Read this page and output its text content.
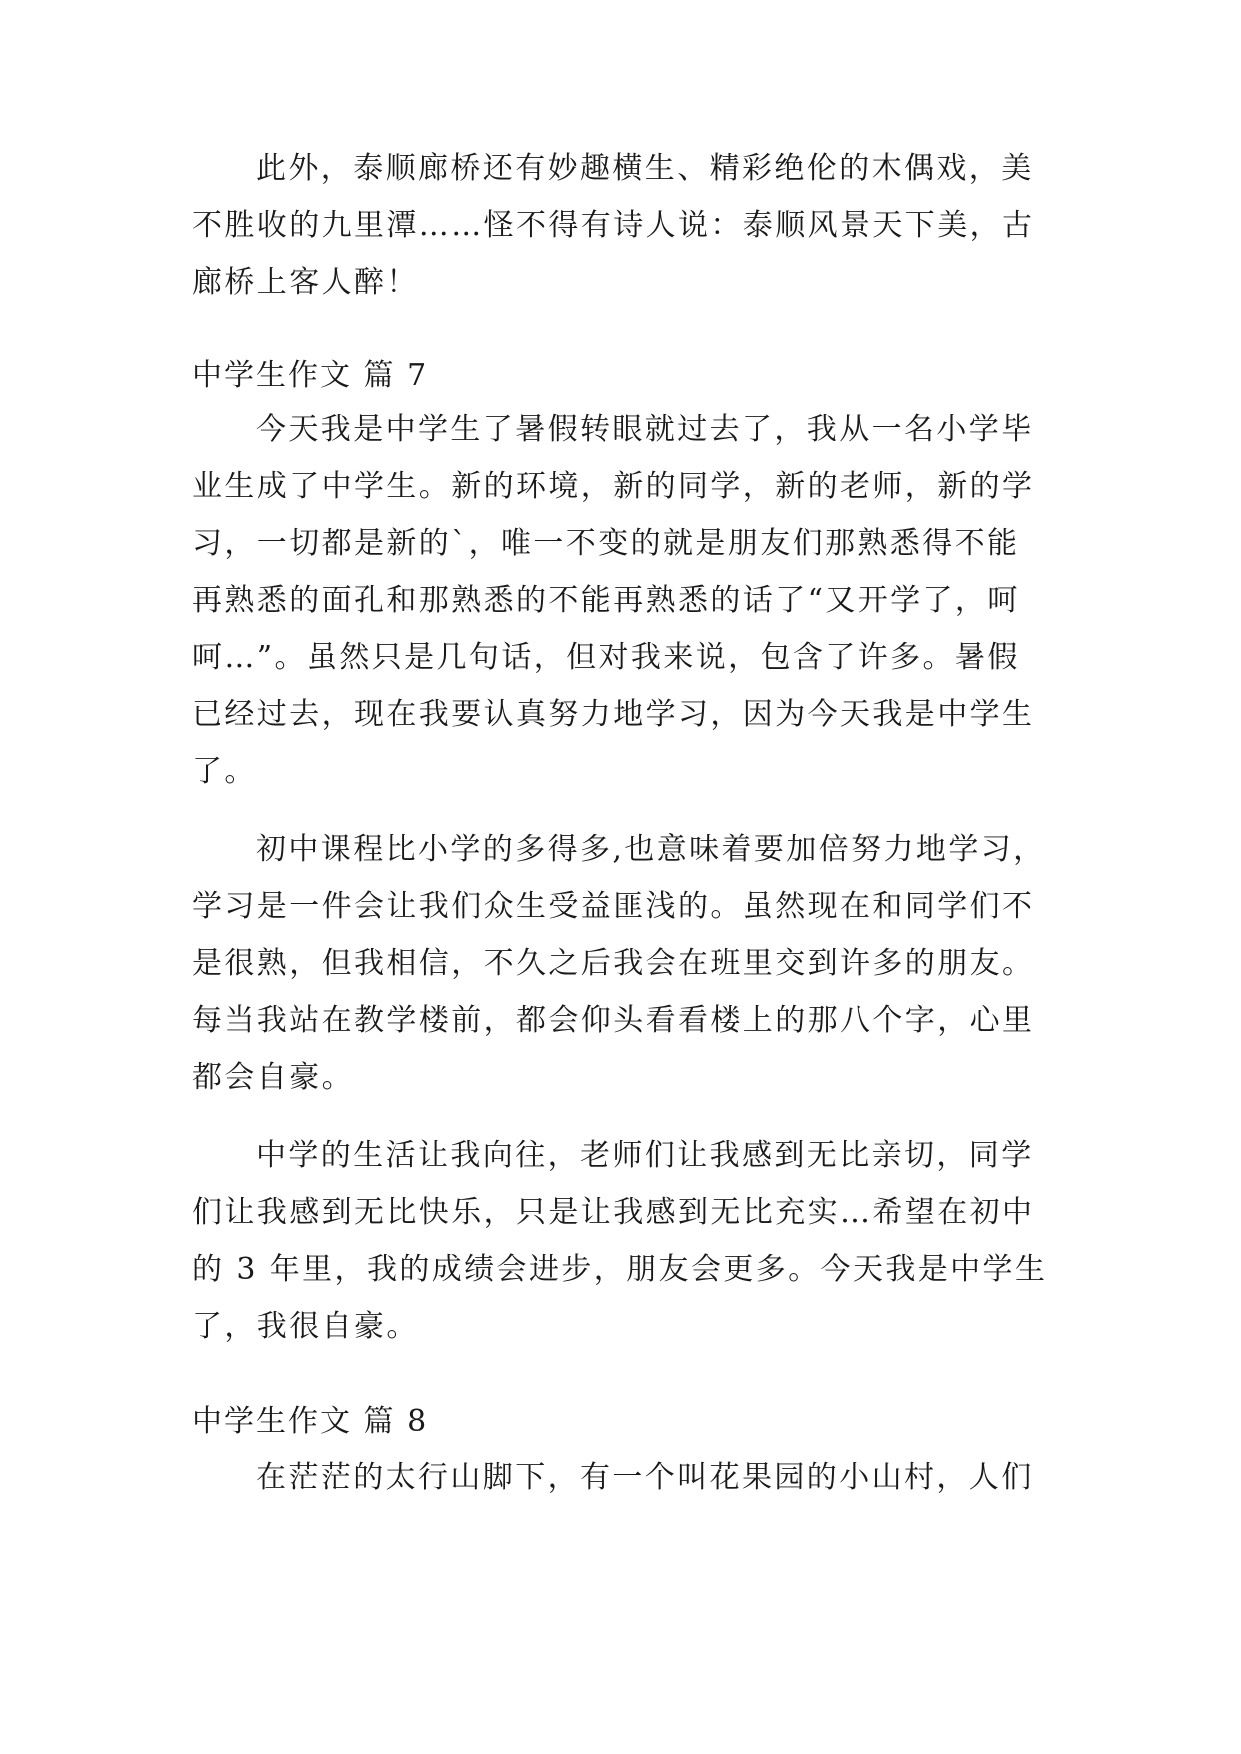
此外，泰顺廊桥还有妙趣横生、精彩绝伦的木偶戏，美
不胜收的九里潭……怪不得有诗人说：泰顺风景天下美，古
廊桥上客人醉！
中学生作文 篇 7
今天我是中学生了暑假转眼就过去了，我从一名小学毕
业生成了中学生。新的环境，新的同学，新的老师，新的学
习，一切都是新的`，唯一不变的就是朋友们那熟悉得不能
再熟悉的面孔和那熟悉的不能再熟悉的话了“又开学了，呵
呵…”。虽然只是几句话，但对我来说，包含了许多。暑假
已经过去，现在我要认真努力地学习，因为今天我是中学生
了。
初中课程比小学的多得多,也意味着要加倍努力地学习，
学习是一件会让我们众生受益匪浅的。虽然现在和同学们不
是很熟，但我相信，不久之后我会在班里交到许多的朋友。
每当我站在教学楼前，都会仰头看看楼上的那八个字，心里
都会自豪。
中学的生活让我向往，老师们让我感到无比亲切，同学
们让我感到无比快乐，只是让我感到无比充实…希望在初中
的 3 年里，我的成绩会进步，朋友会更多。今天我是中学生
了，我很自豪。
中学生作文 篇 8
在茫茫的太行山脚下，有一个叫花果园的小山村，人们
